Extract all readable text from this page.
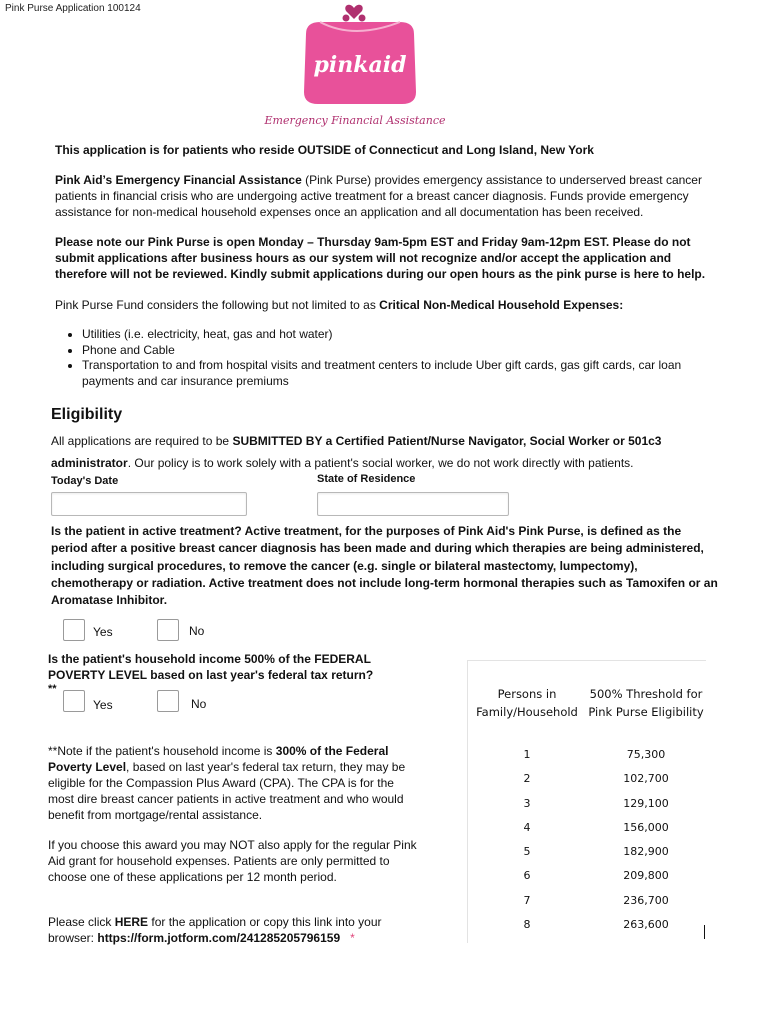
Pink Purse Application 100124
pinkaid
Emergency Financial Assistance
This application is for patients who reside OUTSIDE of Connecticut and Long Island, New York
Pink Aid’s Emergency Financial Assistance (Pink Purse) provides emergency assistance to underserved breast cancer patients in financial crisis who are undergoing active treatment for a breast cancer diagnosis. Funds provide emergency assistance for non-medical household expenses once an application and all documentation has been received.
Please note our Pink Purse is open Monday – Thursday 9am-5pm EST and Friday 9am-12pm EST. Please do not submit applications after business hours as our system will not recognize and/or accept the application and therefore will not be reviewed. Kindly submit applications during our open hours as the pink purse is here to help.
Pink Purse Fund considers the following but not limited to as Critical Non-Medical Household Expenses:
• Utilities (i.e. electricity, heat, gas and hot water)
• Phone and Cable
• Transportation to and from hospital visits and treatment centers to include Uber gift cards, gas gift cards, car loan payments and car insurance premiums
Eligibility
All applications are required to be SUBMITTED BY a Certified Patient/Nurse Navigator, Social Worker or 501c3 administrator. Our policy is to work solely with a patient's social worker, we do not work directly with patients.
Today's Date	State of Residence
Is the patient in active treatment? Active treatment, for the purposes of Pink Aid's Pink Purse, is defined as the period after a positive breast cancer diagnosis has been made and during which therapies are being administered, including surgical procedures, to remove the cancer (e.g. single or bilateral mastectomy, lumpectomy), chemotherapy or radiation. Active treatment does not include long-term hormonal therapies such as Tamoxifen or an Aromatase Inhibitor.
Yes	No
Is the patient's household income 500% of the FEDERAL POVERTY LEVEL based on last year's federal tax return?
**
Yes	No
**Note if the patient's household income is 300% of the Federal Poverty Level, based on last year's federal tax return, they may be eligible for the Compassion Plus Award (CPA). The CPA is for the most dire breast cancer patients in active treatment and who would benefit from mortgage/rental assistance.
If you choose this award you may NOT also apply for the regular Pink Aid grant for household expenses. Patients are only permitted to choose one of these applications per 12 month period.
Please click HERE for the application or copy this link into your browser: https://form.jotform.com/241285205796159 *
Persons in Family/Household
500% Threshold for Pink Purse Eligibility
1	75,300
2	102,700
3	129,100
4	156,000
5	182,900
6	209,800
7	236,700
8	263,600
